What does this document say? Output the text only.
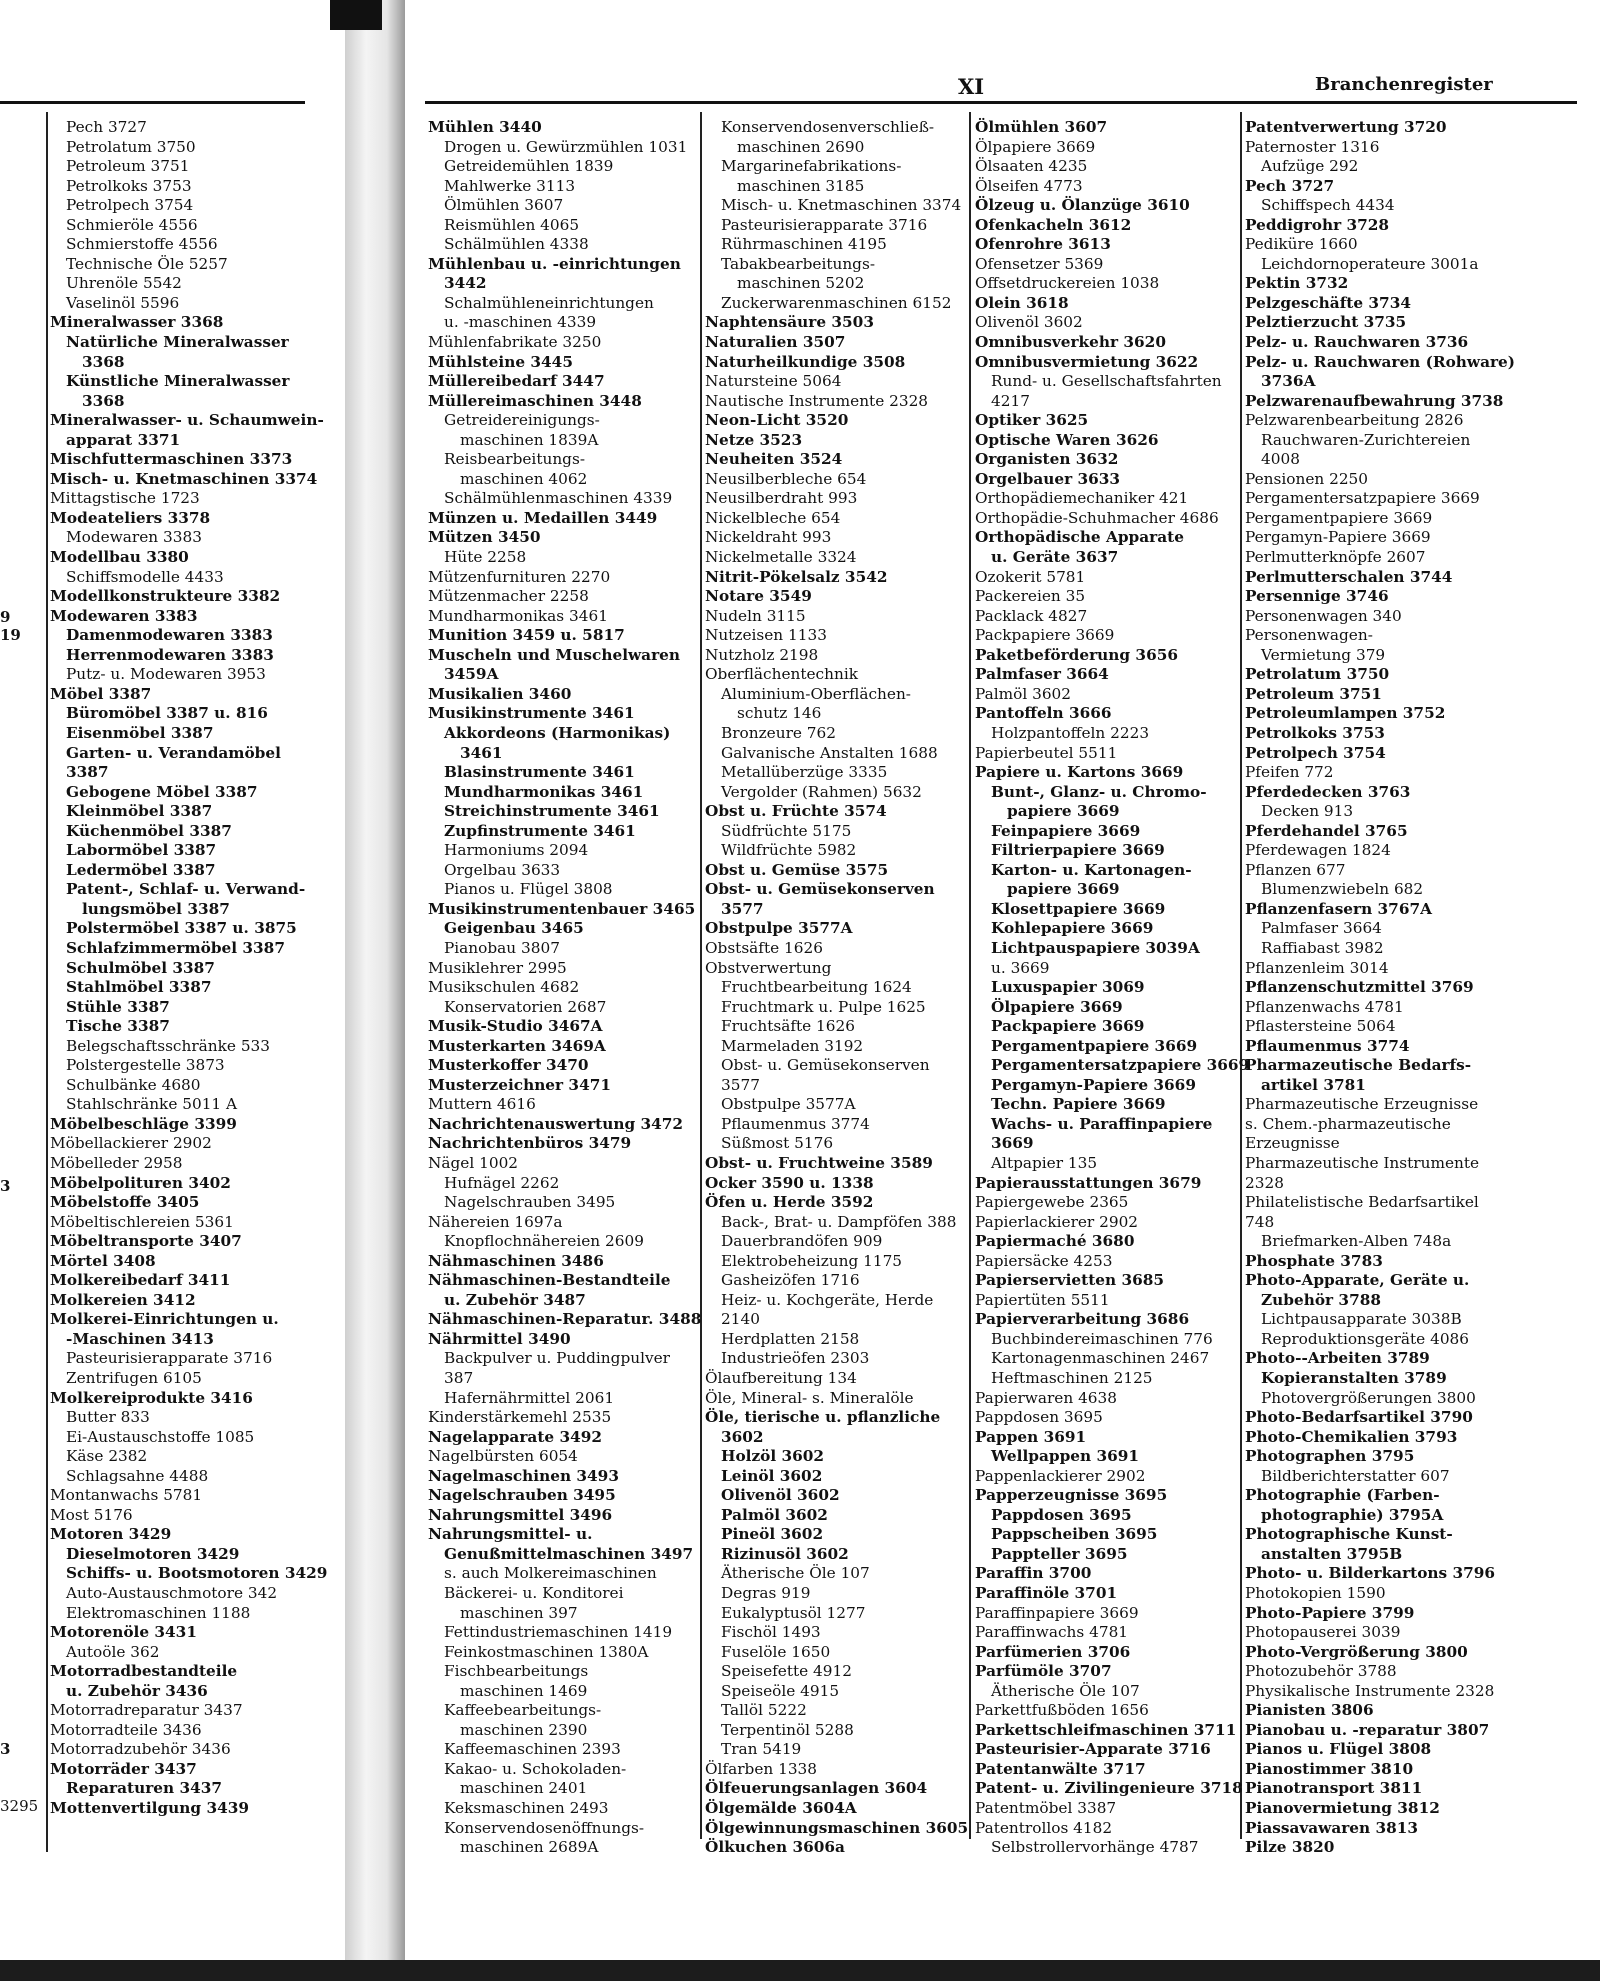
XI	Branchenregister
9
19
3
3
3295
Pech 3727
Petrolatum 3750
Petroleum 3751
Petrolkoks 3753
Petrolpech 3754
Schmieröle 4556
Schmierstoffe 4556
Technische Öle 5257
Uhrenöle 5542
Vaselinöl 5596
Mineralwasser 3368
Natürliche Mineralwasser
3368
Künstliche Mineralwasser
3368
Mineralwasser- u. Schaumwein-
apparat 3371
Mischfuttermaschinen 3373
Misch- u. Knetmaschinen 3374
Mittagstische 1723
Modeateliers 3378
Modewaren 3383
Modellbau 3380
Schiffsmodelle 4433
Modellkonstrukteure 3382
Modewaren 3383
Damenmodewaren 3383
Herrenmodewaren 3383
Putz- u. Modewaren 3953
Möbel 3387
Büromöbel 3387 u. 816
Eisenmöbel 3387
Garten- u. Verandamöbel
3387
Gebogene Möbel 3387
Kleinmöbel 3387
Küchenmöbel 3387
Labormöbel 3387
Ledermöbel 3387
Patent-, Schlaf- u. Verwand-
lungsmöbel 3387
Polstermöbel 3387 u. 3875
Schlafzimmermöbel 3387
Schulmöbel 3387
Stahlmöbel 3387
Stühle 3387
Tische 3387
Belegschaftsschränke 533
Polstergestelle 3873
Schulbänke 4680
Stahlschränke 5011 A
Möbelbeschläge 3399
Möbellackierer 2902
Möbelleder 2958
Möbelpolituren 3402
Möbelstoffe 3405
Möbeltischlereien 5361
Möbeltransporte 3407
Mörtel 3408
Molkereibedarf 3411
Molkereien 3412
Molkerei-Einrichtungen u.
-Maschinen 3413
Pasteurisierapparate 3716
Zentrifugen 6105
Molkereiprodukte 3416
Butter 833
Ei-Austauschstoffe 1085
Käse 2382
Schlagsahne 4488
Montanwachs 5781
Most 5176
Motoren 3429
Dieselmotoren 3429
Schiffs- u. Bootsmotoren 3429
Auto-Austauschmotore 342
Elektromaschinen 1188
Motorenöle 3431
Autoöle 362
Motorradbestandteile
u. Zubehör 3436
Motorradreparatur 3437
Motorradteile 3436
Motorradzubehör 3436
Motorräder 3437
Reparaturen 3437
Mottenvertilgung 3439
Mühlen 3440
Drogen u. Gewürzmühlen 1031
Getreidemühlen 1839
Mahlwerke 3113
Ölmühlen 3607
Reismühlen 4065
Schälmühlen 4338
Mühlenbau u. -einrichtungen
3442
Schalmühleneinrichtungen
u. -maschinen 4339
Mühlenfabrikate 3250
Mühlsteine 3445
Müllereibedarf 3447
Müllereimaschinen 3448
Getreidereinigungs-
maschinen 1839A
Reisbearbeitungs-
maschinen 4062
Schälmühlenmaschinen 4339
Münzen u. Medaillen 3449
Mützen 3450
Hüte 2258
Mützenfurnituren 2270
Mützenmacher 2258
Mundharmonikas 3461
Munition 3459 u. 5817
Muscheln und Muschelwaren
3459A
Musikalien 3460
Musikinstrumente 3461
Akkordeons (Harmonikas)
3461
Blasinstrumente 3461
Mundharmonikas 3461
Streichinstrumente 3461
Zupfinstrumente 3461
Harmoniums 2094
Orgelbau 3633
Pianos u. Flügel 3808
Musikinstrumentenbauer 3465
Geigenbau 3465
Pianobau 3807
Musiklehrer 2995
Musikschulen 4682
Konservatorien 2687
Musik-Studio 3467A
Musterkarten 3469A
Musterkoffer 3470
Musterzeichner 3471
Muttern 4616
Nachrichtenauswertung 3472
Nachrichtenbüros 3479
Nägel 1002
Hufnägel 2262
Nagelschrauben 3495
Nähereien 1697a
Knopflochnähereien 2609
Nähmaschinen 3486
Nähmaschinen-Bestandteile
u. Zubehör 3487
Nähmaschinen-Reparatur. 3488
Nährmittel 3490
Backpulver u. Puddingpulver
387
Hafernährmittel 2061
Kinderstärkemehl 2535
Nagelapparate 3492
Nagelbürsten 6054
Nagelmaschinen 3493
Nagelschrauben 3495
Nahrungsmittel 3496
Nahrungsmittel- u.
Genußmittelmaschinen 3497
s. auch Molkereimaschinen
Bäckerei- u. Konditorei
maschinen 397
Fettindustriemaschinen 1419
Feinkostmaschinen 1380A
Fischbearbeitungs
maschinen 1469
Kaffeebearbeitungs-
maschinen 2390
Kaffeemaschinen 2393
Kakao- u. Schokoladen-
maschinen 2401
Keksmaschinen 2493
Konservendosenöffnungs-
maschinen 2689A
Konservendosenverschließ-
maschinen 2690
Margarinefabrikations-
maschinen 3185
Misch- u. Knetmaschinen 3374
Pasteurisierapparate 3716
Rührmaschinen 4195
Tabakbearbeitungs-
maschinen 5202
Zuckerwarenmaschinen 6152
Naphtensäure 3503
Naturalien 3507
Naturheilkundige 3508
Natursteine 5064
Nautische Instrumente 2328
Neon-Licht 3520
Netze 3523
Neuheiten 3524
Neusilberbleche 654
Neusilberdraht 993
Nickelbleche 654
Nickeldraht 993
Nickelmetalle 3324
Nitrit-Pökelsalz 3542
Notare 3549
Nudeln 3115
Nutzeisen 1133
Nutzholz 2198
Oberflächentechnik
Aluminium-Oberflächen-
schutz 146
Bronzeure 762
Galvanische Anstalten 1688
Metallüberzüge 3335
Vergolder (Rahmen) 5632
Obst u. Früchte 3574
Südfrüchte 5175
Wildfrüchte 5982
Obst u. Gemüse 3575
Obst- u. Gemüsekonserven
3577
Obstpulpe 3577A
Obstsäfte 1626
Obstverwertung
Fruchtbearbeitung 1624
Fruchtmark u. Pulpe 1625
Fruchtsäfte 1626
Marmeladen 3192
Obst- u. Gemüsekonserven
3577
Obstpulpe 3577A
Pflaumenmus 3774
Süßmost 5176
Obst- u. Fruchtweine 3589
Ocker 3590 u. 1338
Öfen u. Herde 3592
Back-, Brat- u. Dampföfen 388
Dauerbrandöfen 909
Elektrobeheizung 1175
Gasheizöfen 1716
Heiz- u. Kochgeräte, Herde
2140
Herdplatten 2158
Industrieöfen 2303
Ölaufbereitung 134
Öle, Mineral- s. Mineralöle
Öle, tierische u. pflanzliche
3602
Holzöl 3602
Leinöl 3602
Olivenöl 3602
Palmöl 3602
Pineöl 3602
Rizinusöl 3602
Ätherische Öle 107
Degras 919
Eukalyptusöl 1277
Fischöl 1493
Fuselöle 1650
Speisefette 4912
Speiseöle 4915
Tallöl 5222
Terpentinöl 5288
Tran 5419
Ölfarben 1338
Ölfeuerungsanlagen 3604
Ölgemälde 3604A
Ölgewinnungsmaschinen 3605
Ölkuchen 3606a
Ölmühlen 3607
Ölpapiere 3669
Ölsaaten 4235
Ölseifen 4773
Ölzeug u. Ölanzüge 3610
Ofenkacheln 3612
Ofenrohre 3613
Ofensetzer 5369
Offsetdruckereien 1038
Olein 3618
Olivenöl 3602
Omnibusverkehr 3620
Omnibusvermietung 3622
Rund- u. Gesellschaftsfahrten
4217
Optiker 3625
Optische Waren 3626
Organisten 3632
Orgelbauer 3633
Orthopädiemechaniker 421
Orthopädie-Schuhmacher 4686
Orthopädische Apparate
u. Geräte 3637
Ozokerit 5781
Packereien 35
Packlack 4827
Packpapiere 3669
Paketbeförderung 3656
Palmfaser 3664
Palmöl 3602
Pantoffeln 3666
Holzpantoffeln 2223
Papierbeutel 5511
Papiere u. Kartons 3669
Bunt-, Glanz- u. Chromo-
papiere 3669
Feinpapiere 3669
Filtrierpapiere 3669
Karton- u. Kartonagen-
papiere 3669
Klosettpapiere 3669
Kohlepapiere 3669
Lichtpauspapiere 3039A
u. 3669
Luxuspapier 3069
Ölpapiere 3669
Packpapiere 3669
Pergamentpapiere 3669
Pergamentersatzpapiere 3669
Pergamyn-Papiere 3669
Techn. Papiere 3669
Wachs- u. Paraffinpapiere
3669
Altpapier 135
Papierausstattungen 3679
Papiergewebe 2365
Papierlackierer 2902
Papiermaché 3680
Papiersäcke 4253
Papierservietten 3685
Papiertüten 5511
Papierverarbeitung 3686
Buchbindereimaschinen 776
Kartonagenmaschinen 2467
Heftmaschinen 2125
Papierwaren 4638
Pappdosen 3695
Pappen 3691
Wellpappen 3691
Pappenlackierer 2902
Papperzeugnisse 3695
Pappdosen 3695
Pappscheiben 3695
Pappteller 3695
Paraffin 3700
Paraffinöle 3701
Paraffinpapiere 3669
Paraffinwachs 4781
Parfümerien 3706
Parfümöle 3707
Ätherische Öle 107
Parkettfußböden 1656
Parkettschleifmaschinen 3711
Pasteurisier-Apparate 3716
Patentanwälte 3717
Patent- u. Zivilingenieure 3718
Patentmöbel 3387
Patentrollos 4182
Selbstrollervorhänge 4787
Patentverwertung 3720
Paternoster 1316
Aufzüge 292
Pech 3727
Schiffspech 4434
Peddigrohr 3728
Pediküre 1660
Leichdornoperateure 3001a
Pektin 3732
Pelzgeschäfte 3734
Pelztierzucht 3735
Pelz- u. Rauchwaren 3736
Pelz- u. Rauchwaren (Rohware)
3736A
Pelzwarenaufbewahrung 3738
Pelzwarenbearbeitung 2826
Rauchwaren-Zurichtereien
4008
Pensionen 2250
Pergamentersatzpapiere 3669
Pergamentpapiere 3669
Pergamyn-Papiere 3669
Perlmutterknöpfe 2607
Perlmutterschalen 3744
Persennige 3746
Personenwagen 340
Personenwagen-
Vermietung 379
Petrolatum 3750
Petroleum 3751
Petroleumlampen 3752
Petrolkoks 3753
Petrolpech 3754
Pfeifen 772
Pferdedecken 3763
Decken 913
Pferdehandel 3765
Pferdewagen 1824
Pflanzen 677
Blumenzwiebeln 682
Pflanzenfasern 3767A
Palmfaser 3664
Raffiabast 3982
Pflanzenleim 3014
Pflanzenschutzmittel 3769
Pflanzenwachs 4781
Pflastersteine 5064
Pflaumenmus 3774
Pharmazeutische Bedarfs-
artikel 3781
Pharmazeutische Erzeugnisse
s. Chem.-pharmazeutische
Erzeugnisse
Pharmazeutische Instrumente
2328
Philatelistische Bedarfsartikel
748
Briefmarken-Alben 748a
Phosphate 3783
Photo-Apparate, Geräte u.
Zubehör 3788
Lichtpausapparate 3038B
Reproduktionsgeräte 4086
Photo--Arbeiten 3789
Kopieranstalten 3789
Photovergrößerungen 3800
Photo-Bedarfsartikel 3790
Photo-Chemikalien 3793
Photographen 3795
Bildberichterstatter 607
Photographie (Farben-
photographie) 3795A
Photographische Kunst-
anstalten 3795B
Photo- u. Bilderkartons 3796
Photokopien 1590
Photo-Papiere 3799
Photopauserei 3039
Photo-Vergrößerung 3800
Photozubehör 3788
Physikalische Instrumente 2328
Pianisten 3806
Pianobau u. -reparatur 3807
Pianos u. Flügel 3808
Pianostimmer 3810
Pianotransport 3811
Pianovermietung 3812
Piassavawaren 3813
Pilze 3820
